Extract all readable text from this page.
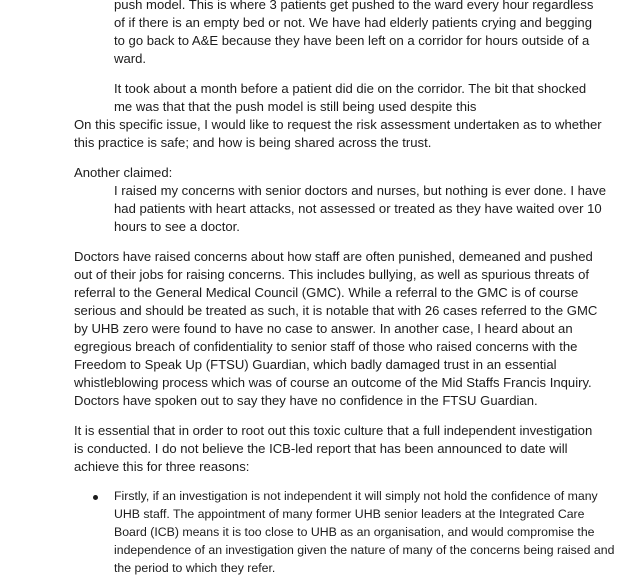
push model. This is where 3 patients get pushed to the ward every hour regardless

of if there is an empty bed or not. We have had elderly patients crying and begging

to go back to A&E because they have been left on a corridor for hours outside of a

ward.

It took about a month before a patient did die on the corridor. The bit that shocked

me was that that the push model is still being used despite this

On this specific issue, I would like to request the risk assessment undertaken as to whether

this practice is safe; and how is being shared across the trust.

Another claimed:

I raised my concerns with senior doctors and nurses, but nothing is ever done. I have

had patients with heart attacks, not assessed or treated as they have waited over 10

hours to see a doctor.

Doctors have raised concerns about how staff are often punished, demeaned and pushed

out of their jobs for raising concerns. This includes bullying, as well as spurious threats of

referral to the General Medical Council (GMC). While a referral to the GMC is of course

serious and should be treated as such, it is notable that with 26 cases referred to the GMC

by UHB zero were found to have no case to answer. In another case, I heard about an

egregious breach of confidentiality to senior staff of those who raised concerns with the

Freedom to Speak Up (FTSU) Guardian, which badly damaged trust in an essential

whistleblowing process which was of course an outcome of the Mid Staffs Francis Inquiry.

Doctors have spoken out to say they have no confidence in the FTSU Guardian.

It is essential that in order to root out this toxic culture that a full independent investigation

is conducted. I do not believe the ICB-led report that has been announced to date will

achieve this for three reasons:

Firstly, if an investigation is not independent it will simply not hold the confidence of many

UHB staff. The appointment of many former UHB senior leaders at the Integrated Care

Board (ICB) means it is too close to UHB as an organisation, and would compromise the

independence of an investigation given the nature of many of the concerns being raised and

the period to which they refer.
